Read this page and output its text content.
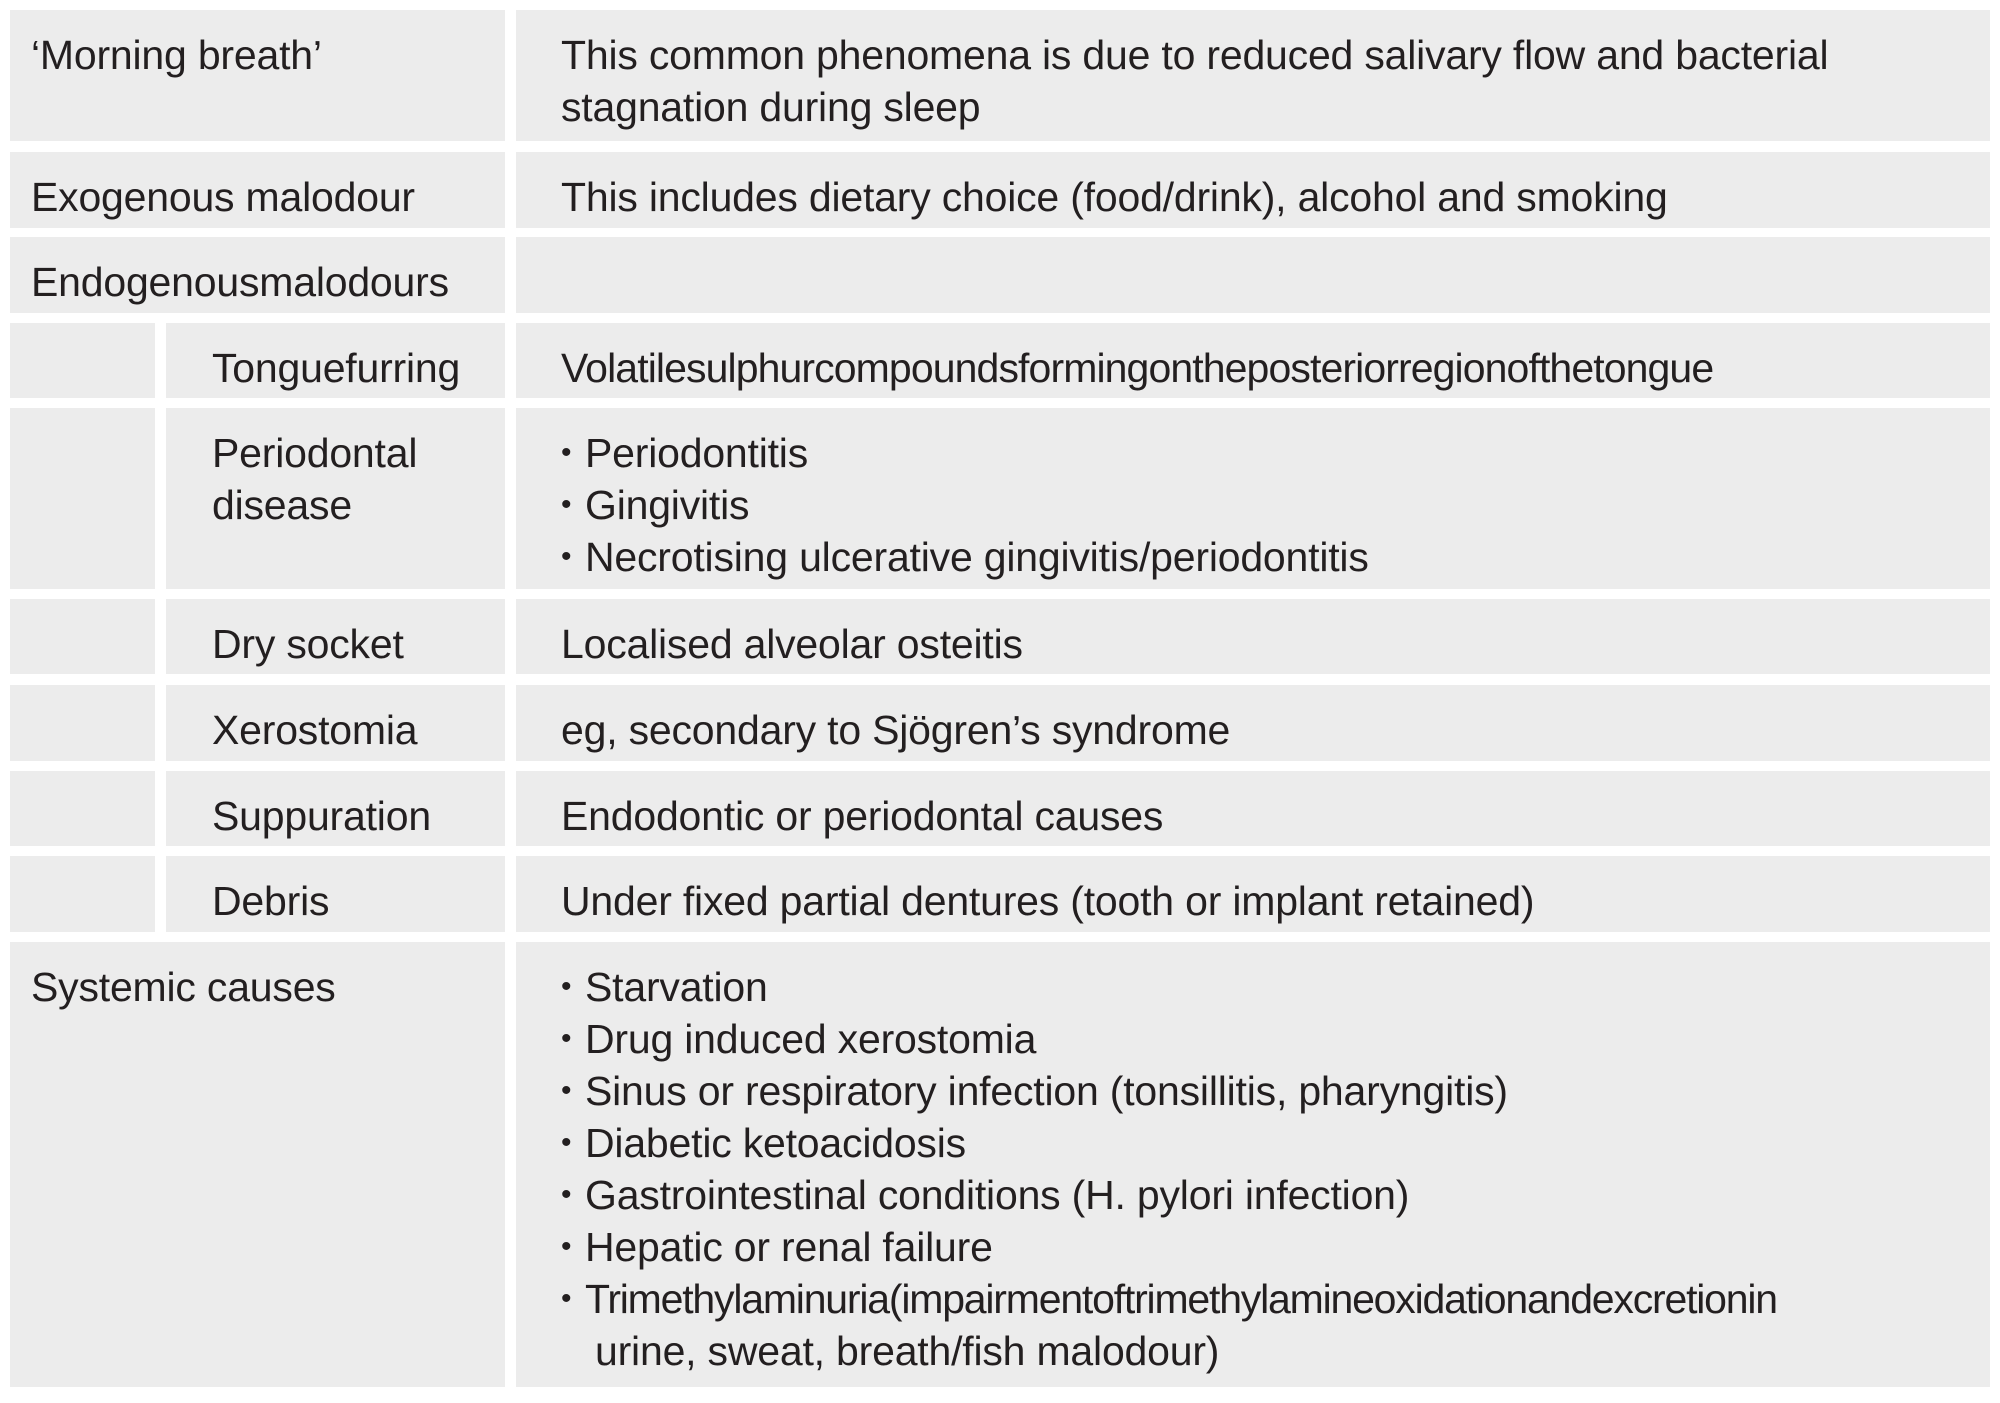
‘Morning breath’	This common phenomena is due to reduced salivary flow and bacterial stagnation during sleep
Exogenous malodour	This includes dietary choice (food/drink), alcohol and smoking
Endogenousmalodours
Tonguefurring	Volatilesulphurcompoundsformingontheposteriorregionofthetongue
Periodontal
disease
• Periodontitis
• Gingivitis
• Necrotising ulcerative gingivitis/periodontitis
Dry socket	Localised alveolar osteitis
Xerostomia	eg, secondary to Sjögren’s syndrome
Suppuration	Endodontic or periodontal causes
Debris	Under fixed partial dentures (tooth or implant retained)
Systemic causes
•	Starvation
• Drug induced xerostomia
• Sinus or respiratory infection (tonsillitis, pharyngitis)
• Diabetic ketoacidosis
• Gastrointestinal conditions (H. pylori infection)
• Hepatic or renal failure
• Trimethylaminuria(impairmentoftrimethylamineoxidationandexcretionin
urine, sweat, breath/fish malodour)
